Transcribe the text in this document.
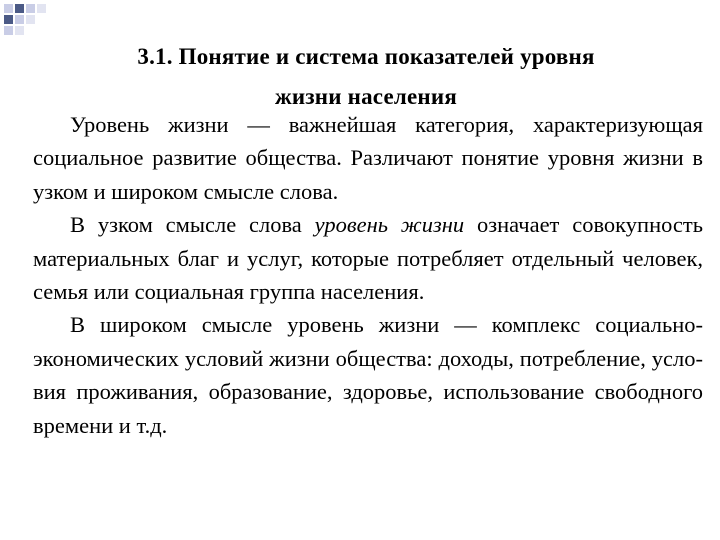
3.1. Понятие и система показателей уровня
жизни населения

Уровень жизни — важнейшая категория, характеризующая социальное развитие общества. Различают понятие уровня жизни в узком и широком смысле слова.

В узком смысле слова уровень жизни означает совокупность материальных благ и услуг, которые потребляет отдельный человек, семья или социальная группа населения.

В широком смысле уровень жизни — комплекс социально-экономических условий жизни общества: доходы, потребление, усло-вия проживания, образование, здоровье, использование свободного времени и т.д.
